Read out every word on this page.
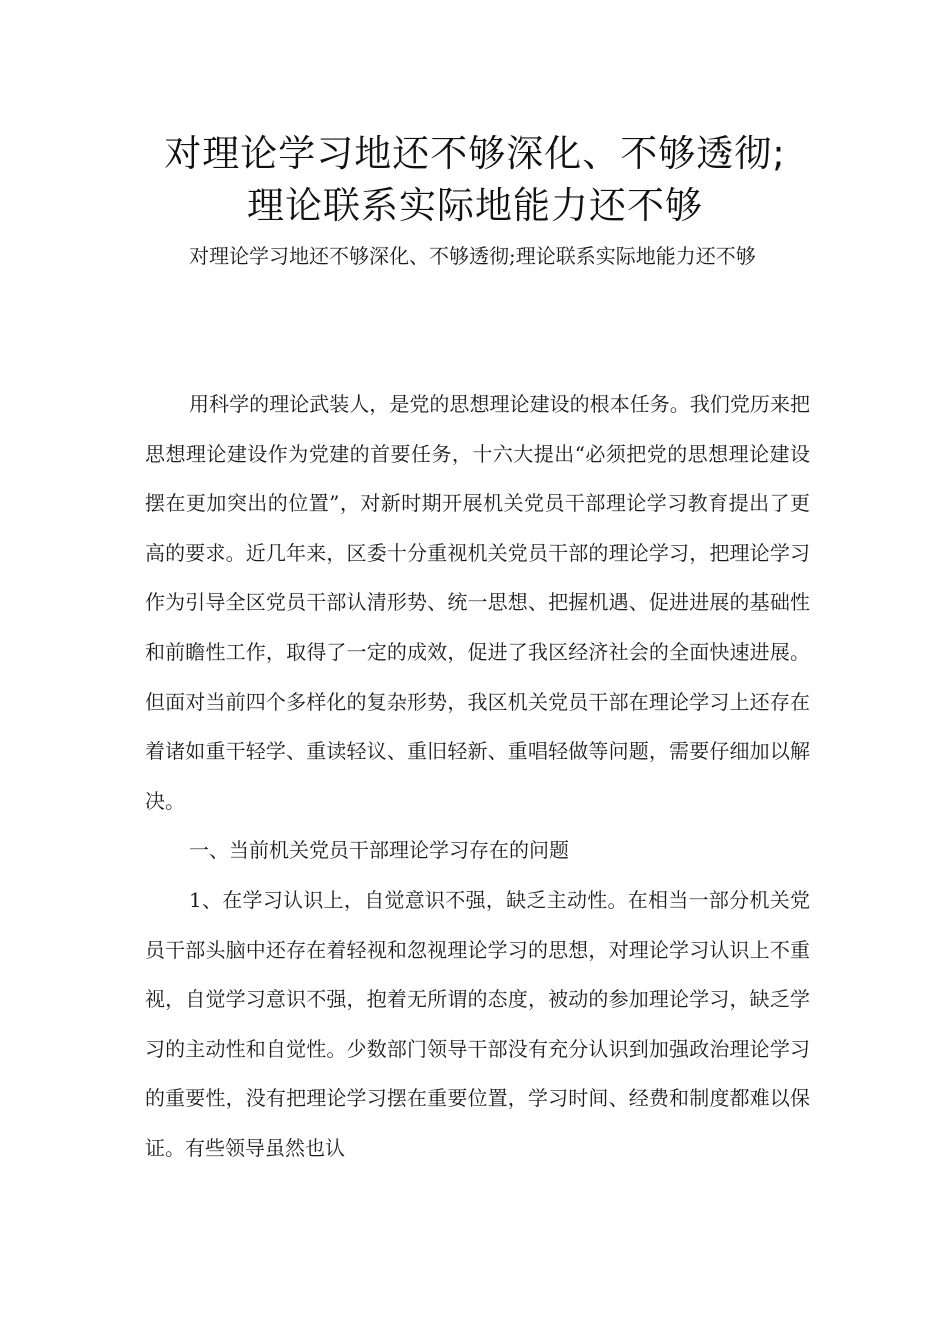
对理论学习地还不够深化、不够透彻;
理论联系实际地能力还不够

对理论学习地还不够深化、不够透彻;理论联系实际地能力还不够

用科学的理论武装人，是党的思想理论建设的根本任务。我们党历来把思想理论建设作为党建的首要任务，十六大提出“必须把党的思想理论建设摆在更加突出的位置”，对新时期开展机关党员干部理论学习教育提出了更高的要求。近几年来，区委十分重视机关党员干部的理论学习，把理论学习作为引导全区党员干部认清形势、统一思想、把握机遇、促进进展的基础性和前瞻性工作，取得了一定的成效，促进了我区经济社会的全面快速进展。但面对当前四个多样化的复杂形势，我区机关党员干部在理论学习上还存在着诸如重干轻学、重读轻议、重旧轻新、重唱轻做等问题，需要仔细加以解决。

一、当前机关党员干部理论学习存在的问题

1、在学习认识上，自觉意识不强，缺乏主动性。在相当一部分机关党员干部头脑中还存在着轻视和忽视理论学习的思想，对理论学习认识上不重视，自觉学习意识不强，抱着无所谓的态度，被动的参加理论学习，缺乏学习的主动性和自觉性。少数部门领导干部没有充分认识到加强政治理论学习的重要性，没有把理论学习摆在重要位置，学习时间、经费和制度都难以保证。有些领导虽然也认
